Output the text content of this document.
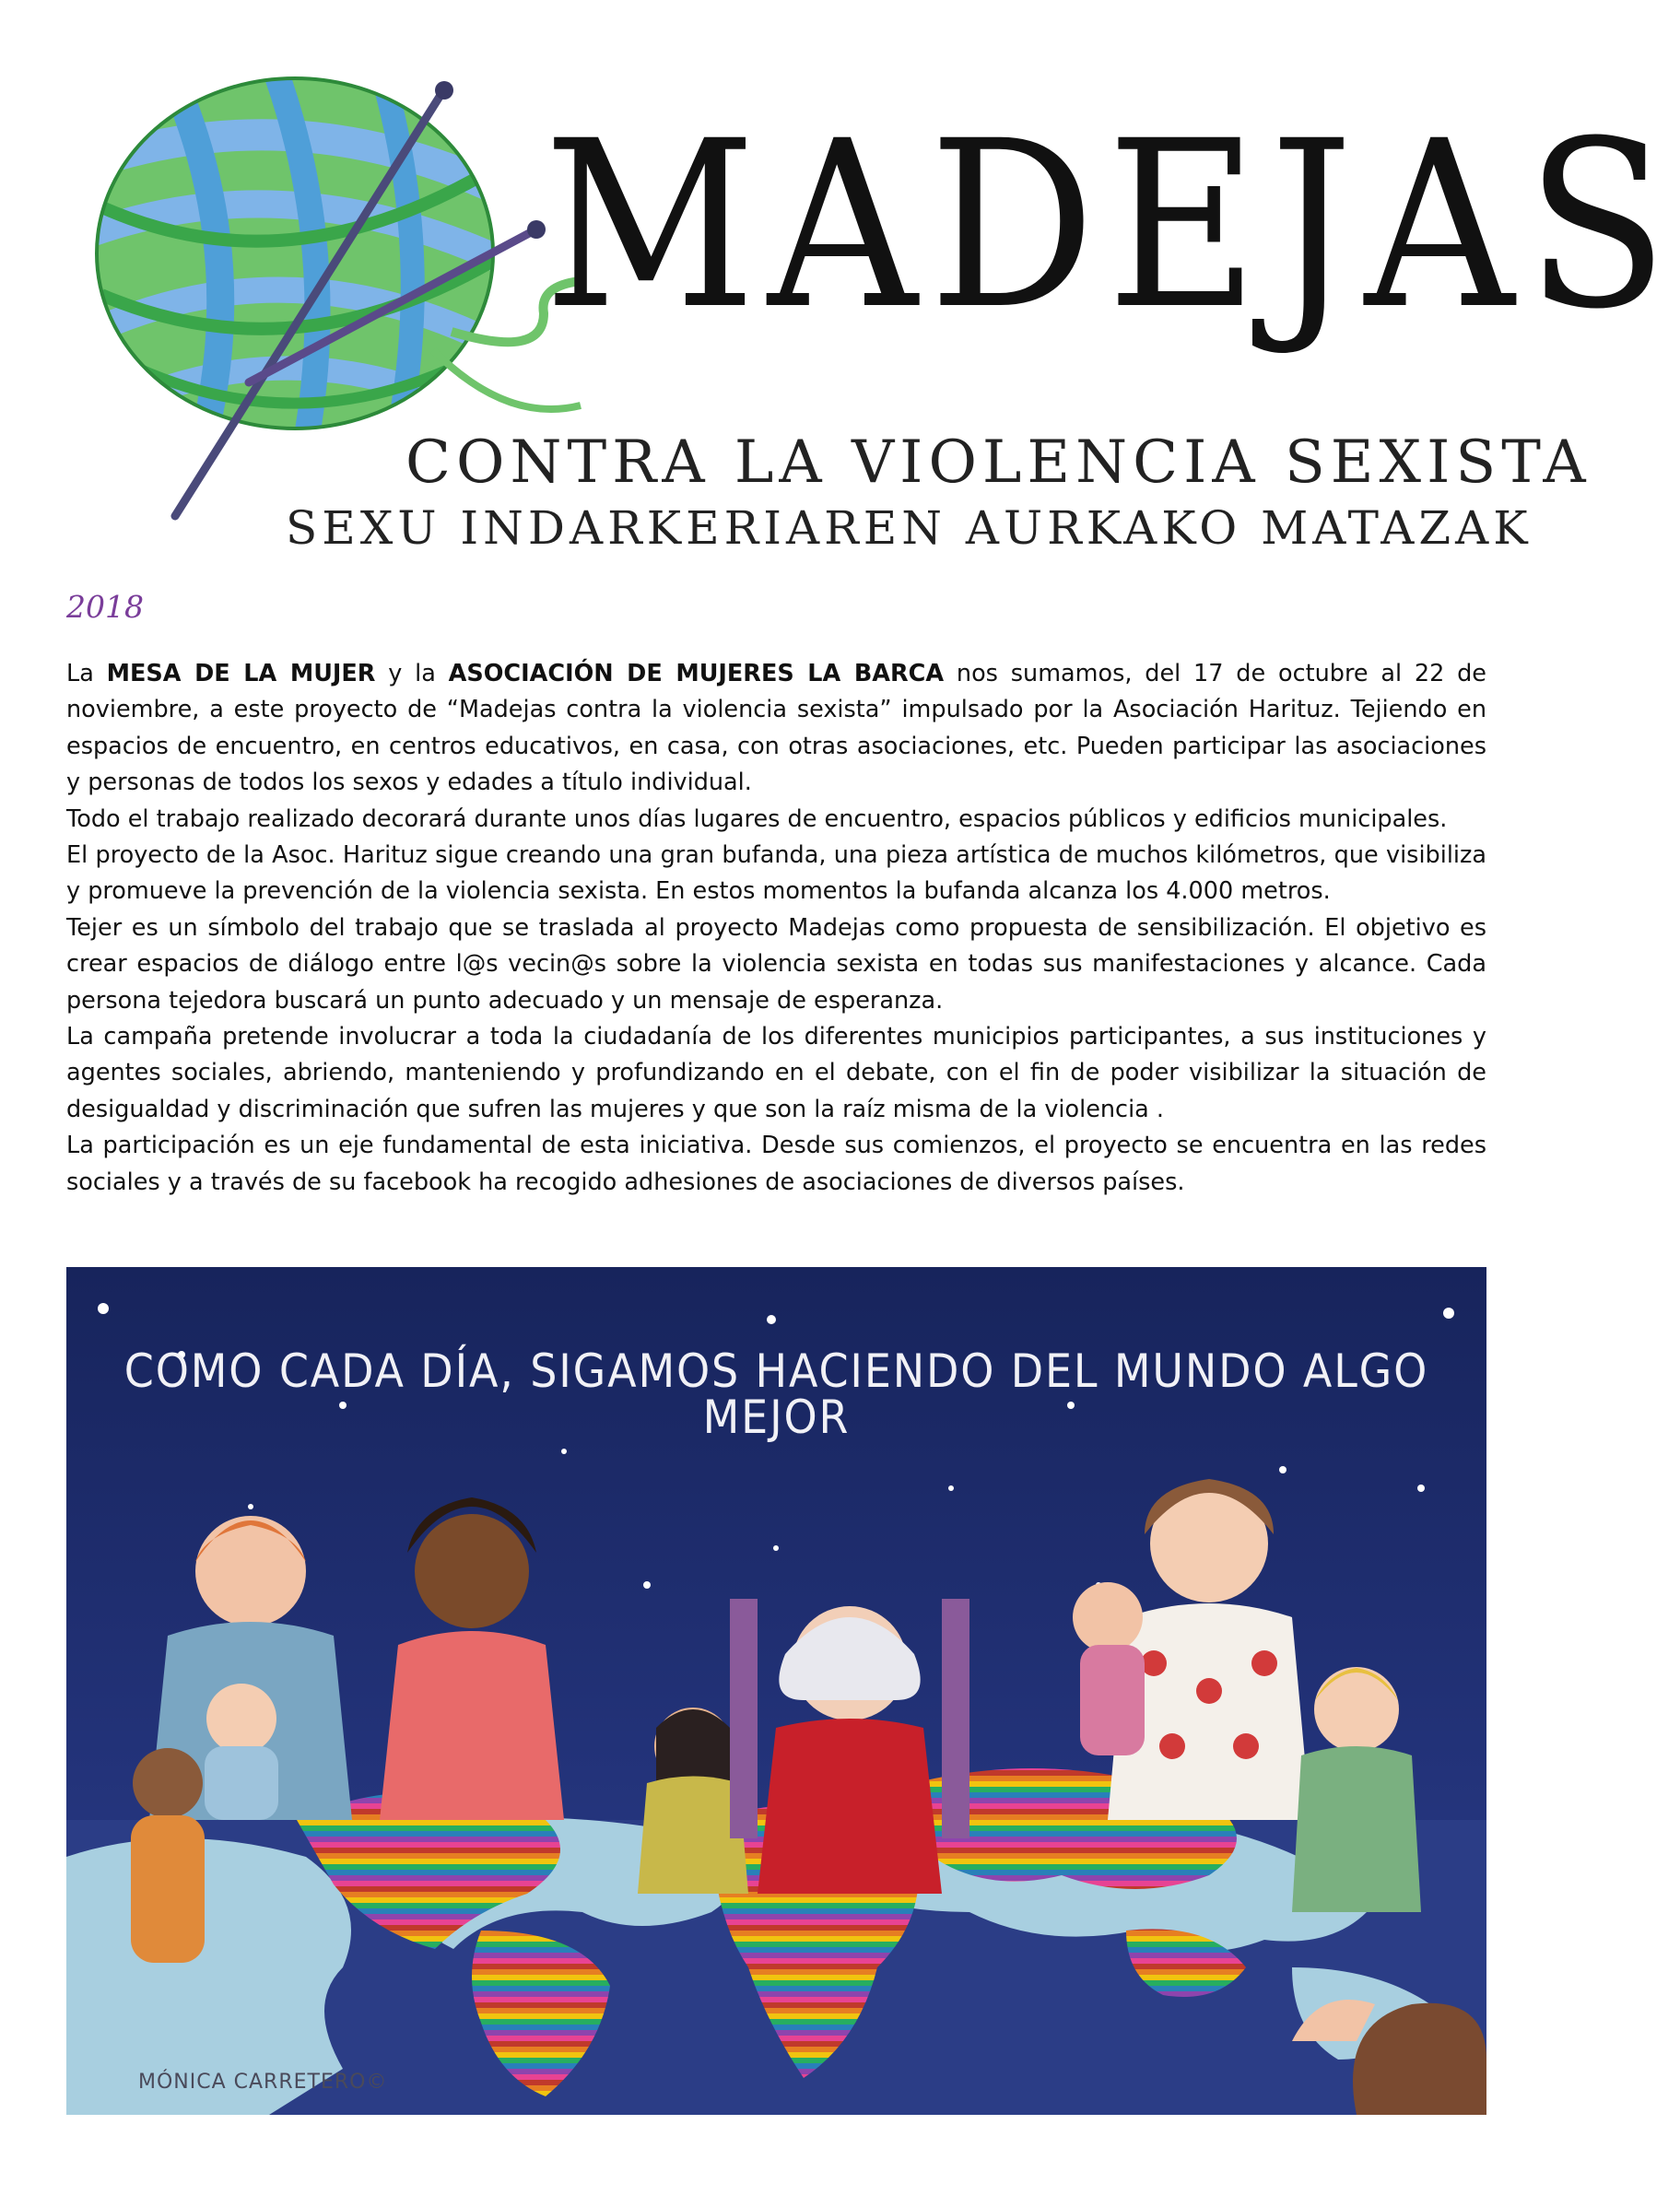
MADEJAS
CONTRA LA VIOLENCIA SEXISTA
SEXU INDARKERIAREN AURKAKO MATAZAK
2018

La MESA DE LA MUJER y la ASOCIACIÓN DE MUJERES LA BARCA nos sumamos, del 17 de octubre al 22 de noviembre, a este proyecto de “Madejas contra la violencia sexista” impulsado por la Asociación Harituz. Tejiendo en espacios de encuentro, en centros educativos, en casa, con otras asociaciones, etc. Pueden participar las asociaciones y personas de todos los sexos y edades a título individual.

Todo el trabajo realizado decorará durante unos días lugares de encuentro, espacios públicos y edificios municipales.

El proyecto de la Asoc. Harituz sigue creando una gran bufanda, una pieza artística de muchos kilómetros, que visibiliza y promueve la prevención de la violencia sexista. En estos momentos la bufanda alcanza los 4.000 metros.

Tejer es un símbolo del trabajo que se traslada al proyecto Madejas como propuesta de sensibilización. El objetivo es crear espacios de diálogo entre l@s vecin@s sobre la violencia sexista en todas sus manifestaciones y alcance. Cada persona tejedora buscará un punto adecuado y un mensaje de esperanza.

La campaña pretende involucrar a toda la ciudadanía de los diferentes municipios participantes, a sus instituciones y agentes sociales, abriendo, manteniendo y profundizando en el debate, con el fin de poder visibilizar la situación de desigualdad y discriminación que sufren las mujeres y que son la raíz misma de la violencia .

La participación es un eje fundamental de esta iniciativa. Desde sus comienzos, el proyecto se encuentra en las redes sociales y a través de su facebook ha recogido adhesiones de asociaciones de diversos países.

COMO CADA DÍA, SIGAMOS HACIENDO DEL MUNDO ALGO MEJOR
MÓNICA CARRETERO©
